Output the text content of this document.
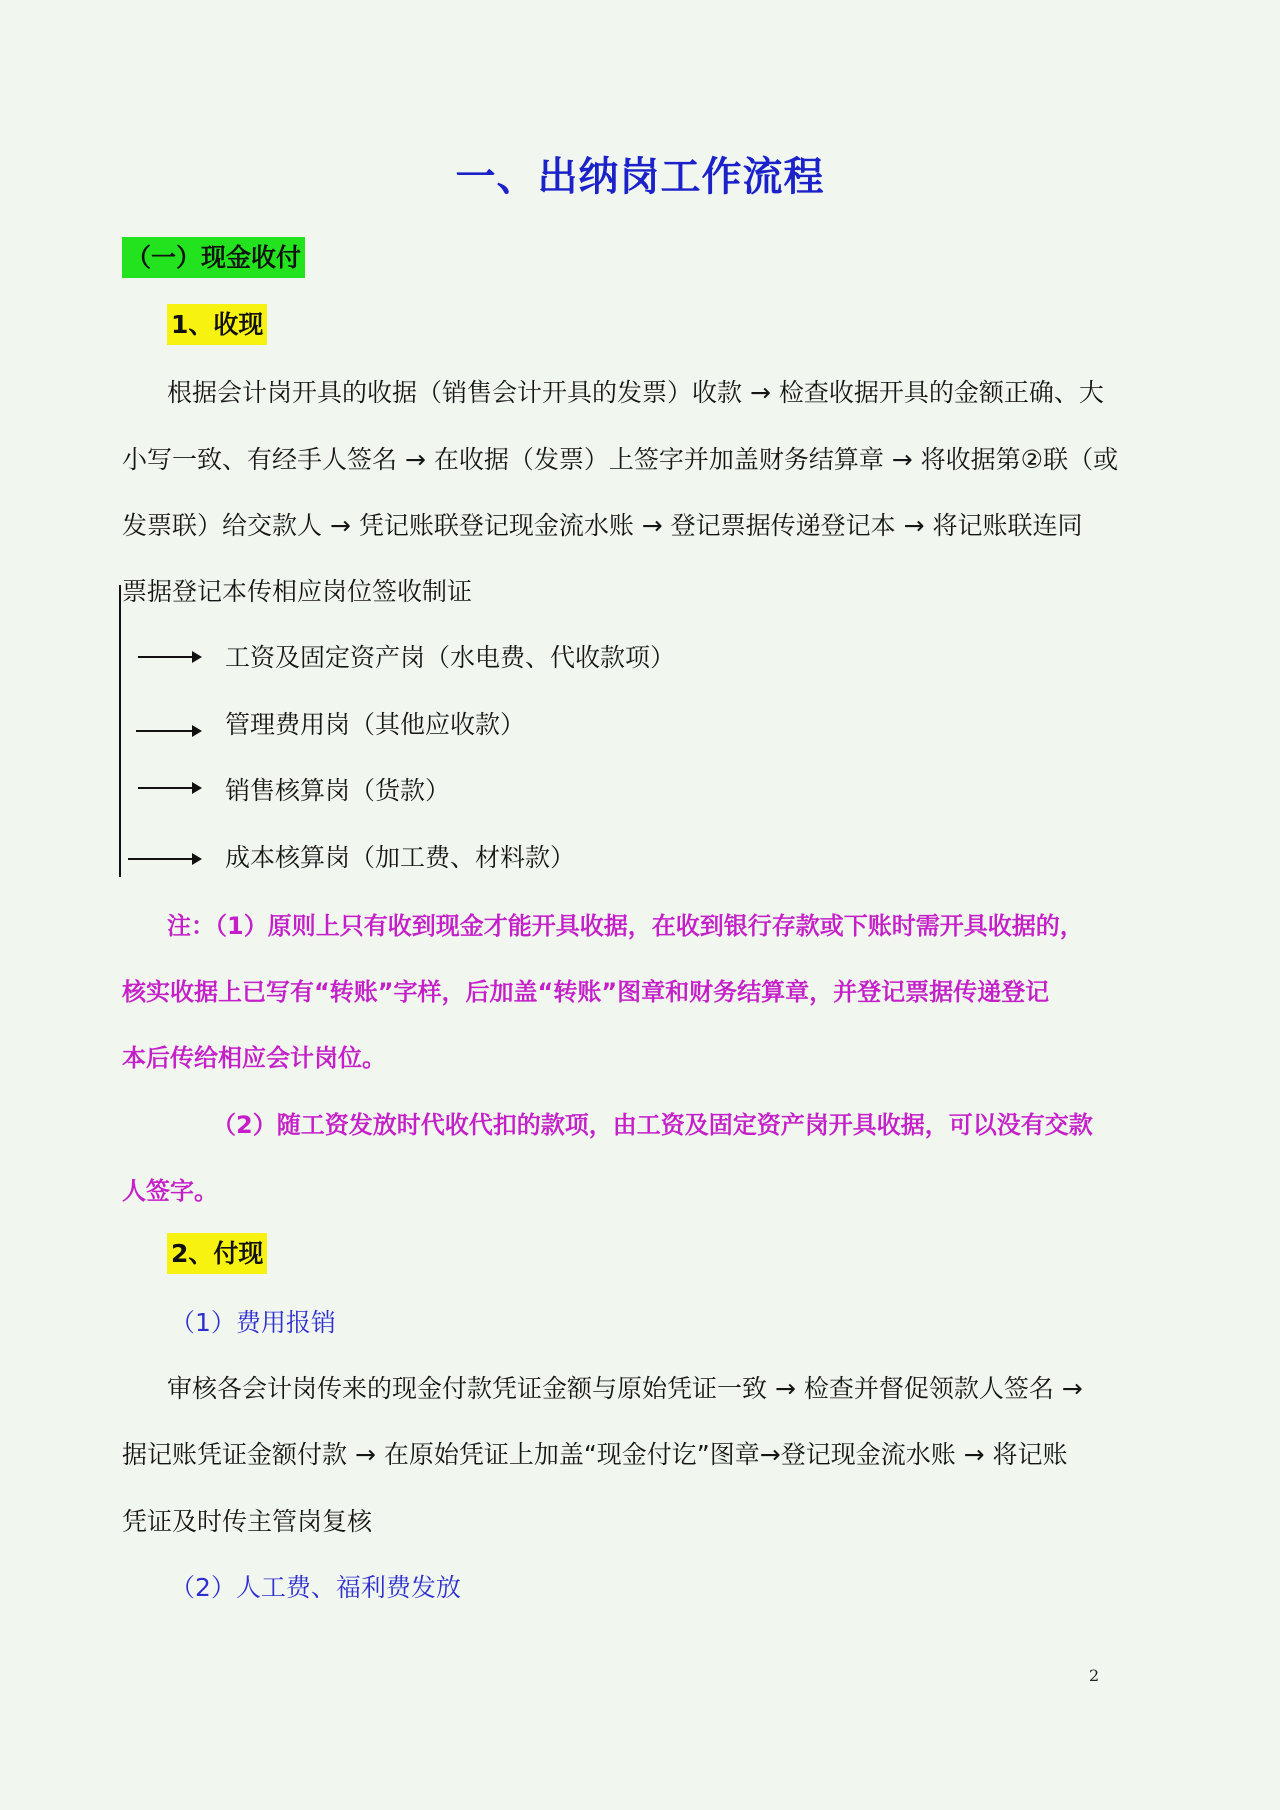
一、出纳岗工作流程
（一）现金收付
1、收现
根据会计岗开具的收据（销售会计开具的发票）收款 → 检查收据开具的金额正确、大
小写一致、有经手人签名 → 在收据（发票）上签字并加盖财务结算章 → 将收据第②联（或
发票联）给交款人 → 凭记账联登记现金流水账 → 登记票据传递登记本 → 将记账联连同
票据登记本传相应岗位签收制证
工资及固定资产岗（水电费、代收款项）
管理费用岗（其他应收款）
销售核算岗（货款）
成本核算岗（加工费、材料款）
注：（1）原则上只有收到现金才能开具收据，在收到银行存款或下账时需开具收据的，
核实收据上已写有“转账”字样，后加盖“转账”图章和财务结算章，并登记票据传递登记
本后传给相应会计岗位。
（2）随工资发放时代收代扣的款项，由工资及固定资产岗开具收据，可以没有交款
人签字。
2、付现
（1）费用报销
审核各会计岗传来的现金付款凭证金额与原始凭证一致 → 检查并督促领款人签名 →
据记账凭证金额付款 → 在原始凭证上加盖“现金付讫”图章→登记现金流水账 → 将记账
凭证及时传主管岗复核
（2）人工费、福利费发放
2
